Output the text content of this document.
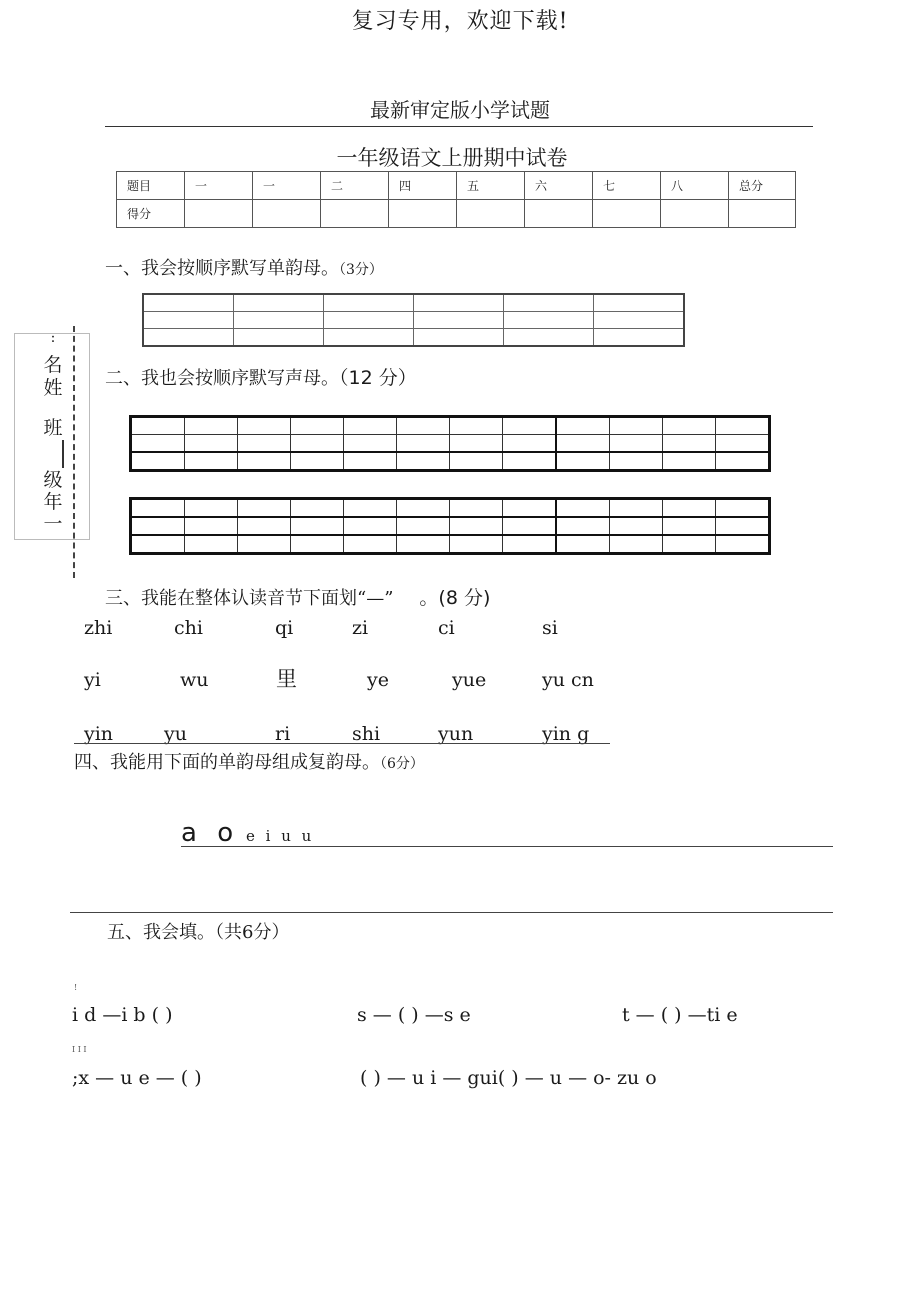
复习专用，欢迎下载!
最新审定版小学试题
一年级语文上册期中试卷
题目	一	一	二	四	五	六	七	八	总分
得分									
一、我会按顺序默写单韵母。（3分）

:
名
姓
班
级
年
一
二、我也会按顺序默写声母。（12 分）

三、我能在整体认读音节下面划“—” 。(8 分)
zhi	chi	qi	zi	ci	si
yi	wu	里	ye	yue	yu cn
yin	yu	ri	shi	yun	yin g
四、我能用下面的单韵母组成复韵母。（6分）
a o e i u u
五、我会填。（共6分）
!
i d —i b ( )	s — ( ) —s e	t — ( ) —ti e
I I I
;x — u e — ( )	( ) — u i — gui( ) — u — o- zu o
